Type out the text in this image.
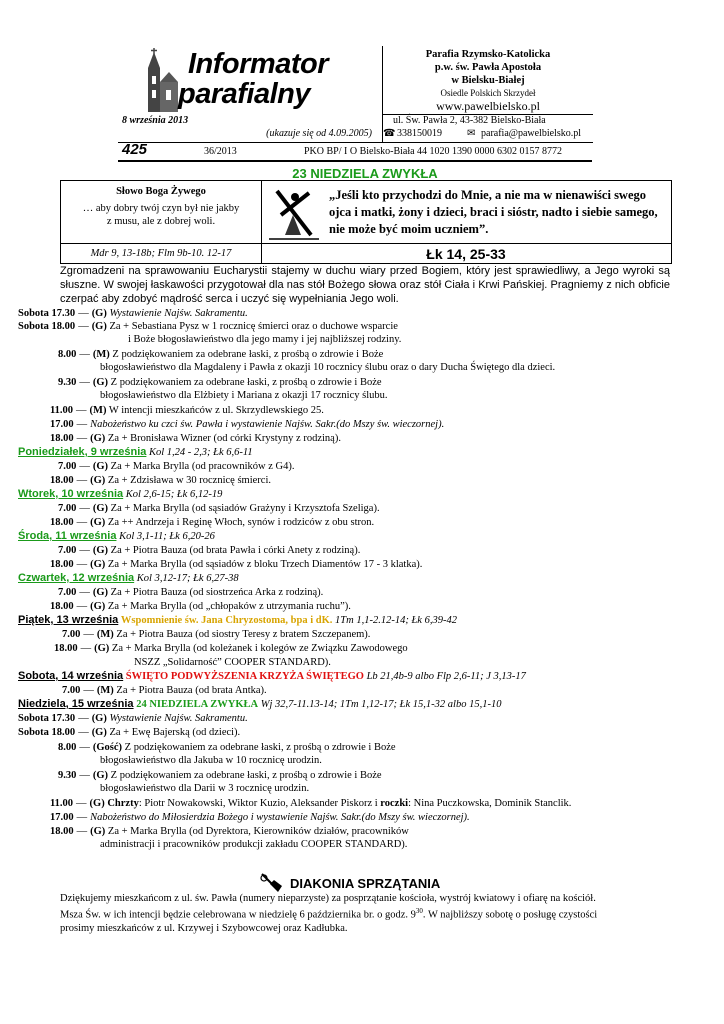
Informator
parafialny
Parafia Rzymsko-Katolicka
p.w. św. Pawła Apostoła
w Bielsku-Białej
Osiedle Polskich Skrzydeł
www.pawelbielsko.pl
8 września 2013
(ukazuje się od 4.09.2005)
ul. Św. Pawła 2, 43-382 Bielsko-Biała
☎ 338150019	✉ parafia@pawelbielsko.pl
425	36/2013	PKO BP/ I O Bielsko-Biała 44 1020 1390 0000 6302 0157 8772
23 NIEDZIELA ZWYKŁA
Słowo Boga Żywego
… aby dobry twój czyn był nie jakby
z musu, ale z dobrej woli.
„Jeśli kto przychodzi do Mnie, a nie ma w nienawiści swego ojca i matki, żony i dzieci, braci i sióstr, nadto i siebie samego, nie może być moim uczniem”.
Mdr 9, 13-18b; Flm 9b-10. 12-17	Łk 14, 25-33
Zgromadzeni na sprawowaniu Eucharystii stajemy w duchu wiary przed Bogiem, który jest sprawiedliwy, a Jego wyroki są słuszne. W swojej łaskawości przygotował dla nas stół Bożego słowa oraz stół Ciała i Krwi Pańskiej. Pragniemy z nich obficie czerpać aby zdobyć mądrość serca i uczyć się wypełniania Jego woli.
Sobota 17.30 — (G) Wystawienie Najśw. Sakramentu.
Sobota 18.00 — (G) Za + Sebastiana Pysz w 1 rocznicę śmierci oraz o duchowe wsparcie
i Boże błogosławieństwo dla jego mamy i jej najbliższej rodziny.
8.00 — (M) Z podziękowaniem za odebrane łaski, z prośbą o zdrowie i Boże
błogosławieństwo dla Magdaleny i Pawła z okazji 10 rocznicy ślubu oraz o dary Ducha Świętego dla dzieci.
9.30 — (G) Z podziękowaniem za odebrane łaski, z prośbą o zdrowie i Boże
błogosławieństwo dla Elżbiety i Mariana z okazji 17 rocznicy ślubu.
11.00 — (M) W intencji mieszkańców z ul. Skrzydlewskiego 25.
17.00 — Nabożeństwo ku czci św. Pawła i wystawienie Najśw. Sakr.(do Mszy św. wieczornej).
18.00 — (G) Za + Bronisława Wizner (od córki Krystyny z rodziną).
Poniedziałek, 9 września Kol 1,24 - 2,3; Łk 6,6-11
7.00 — (G) Za + Marka Brylla (od pracowników z G4).
18.00 — (G) Za + Zdzisława w 30 rocznicę śmierci.
Wtorek, 10 września Kol 2,6-15; Łk 6,12-19
7.00 — (G) Za + Marka Brylla (od sąsiadów Grażyny i Krzysztofa Szeliga).
18.00 — (G) Za ++ Andrzeja i Reginę Włoch, synów i rodziców z obu stron.
Środa, 11 września Kol 3,1-11; Łk 6,20-26
7.00 — (G) Za + Piotra Bauza (od brata Pawła i córki Anety z rodziną).
18.00 — (G) Za + Marka Brylla (od sąsiadów z bloku Trzech Diamentów 17 - 3 klatka).
Czwartek, 12 września Kol 3,12-17; Łk 6,27-38
7.00 — (G) Za + Piotra Bauza (od siostrzeńca Arka z rodziną).
18.00 — (G) Za + Marka Brylla (od „chłopaków z utrzymania ruchu”).
Piątek, 13 września Wspomnienie św. Jana Chryzostoma, bpa i dK. 1Tm 1,1-2.12-14; Łk 6,39-42
7.00 — (M) Za + Piotra Bauza (od siostry Teresy z bratem Szczepanem).
18.00 — (G) Za + Marka Brylla (od koleżanek i kolegów ze Związku Zawodowego
NSZZ „Solidarność” COOPER STANDARD).
Sobota, 14 września ŚWIĘTO PODWYŻSZENIA KRZYŻA ŚWIĘTEGO Lb 21,4b-9 albo Flp 2,6-11; J 3,13-17
7.00 — (M) Za + Piotra Bauza (od brata Antka).
Niedziela, 15 września 24 NIEDZIELA ZWYKŁA Wj 32,7-11.13-14; 1Tm 1,12-17; Łk 15,1-32 albo 15,1-10
Sobota 17.30 — (G) Wystawienie Najśw. Sakramentu.
Sobota 18.00 — (G) Za + Ewę Bajerską (od dzieci).
8.00 — (Gość) Z podziękowaniem za odebrane łaski, z prośbą o zdrowie i Boże
błogosławieństwo dla Jakuba w 10 rocznicę urodzin.
9.30 — (G) Z podziękowaniem za odebrane łaski, z prośbą o zdrowie i Boże
błogosławieństwo dla Darii w 3 rocznicę urodzin.
11.00 — (G) Chrzty: Piotr Nowakowski, Wiktor Kuzio, Aleksander Piskorz i roczki: Nina Puczkowska, Dominik Stanclik.
17.00 — Nabożeństwo do Miłosierdzia Bożego i wystawienie Najśw. Sakr.(do Mszy św. wieczornej).
18.00 — (G) Za + Marka Brylla (od Dyrektora, Kierowników działów, pracowników
administracji i pracowników produkcji zakładu COOPER STANDARD).
DIAKONIA SPRZĄTANIA
Dziękujemy mieszkańcom z ul. św. Pawła (numery nieparzyste) za posprzątanie kościoła, wystrój kwiatowy i ofiarę na kościół.
Msza Św. w ich intencji będzie celebrowana w niedzielę 6 października br. o godz. $9^{30}$. W najbliższy sobotę o posługę czystości
prosimy mieszkańców z ul. Krzywej i Szybowcowej oraz Kadłubka.
